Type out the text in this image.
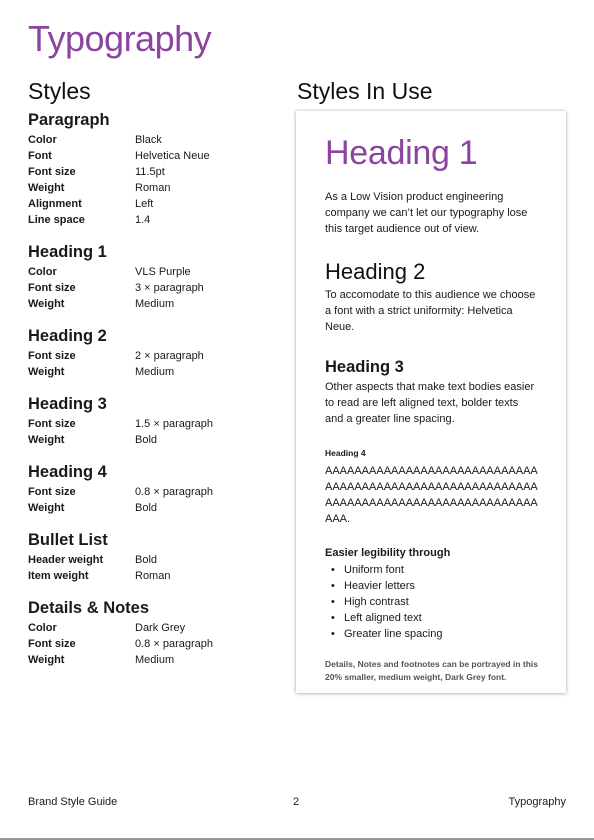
Typography
Styles	Styles In Use
Paragraph
Color	Black
Font	Helvetica Neue
Font size	11.5pt
Weight	Roman
Alignment	Left
Line space	1.4
Heading 1
Color	VLS Purple
Font size	3 × paragraph
Weight	Medium
Heading 2
Font size	2 × paragraph
Weight	Medium
Heading 3
Font size	1.5 × paragraph
Weight	Bold
Heading 4
Font size	0.8 × paragraph
Weight	Bold
Bullet List
Header weight	Bold
Item weight	Roman
Details & Notes
Color	Dark Grey
Font size	0.8 × paragraph
Weight	Medium
Heading 1

As a Low Vision product engineering company we can’t let our typography lose this target audience out of view.

Heading 2

To accomodate to this audience we choose a font with a strict uniformity: Helvetica Neue.

Heading 3

Other aspects that make text bodies easier to read are left aligned text, bolder texts and a greater line spacing.

Heading 4

AAAAAAAAAAAAAAAAAAAAAAAAAAAAAAAAAAAAAAAAAAAAAAAAAAAAAAAAAAAAAAAAAAAAAAAAAAAAAAAAAAAAAAAAAA.

Easier legibility through
• Uniform font
• Heavier letters
• High contrast
• Left aligned text
• Greater line spacing

Details, Notes and footnotes can be portrayed in this 20% smaller, medium weight, Dark Grey font.

Brand Style Guide	2	Typography
